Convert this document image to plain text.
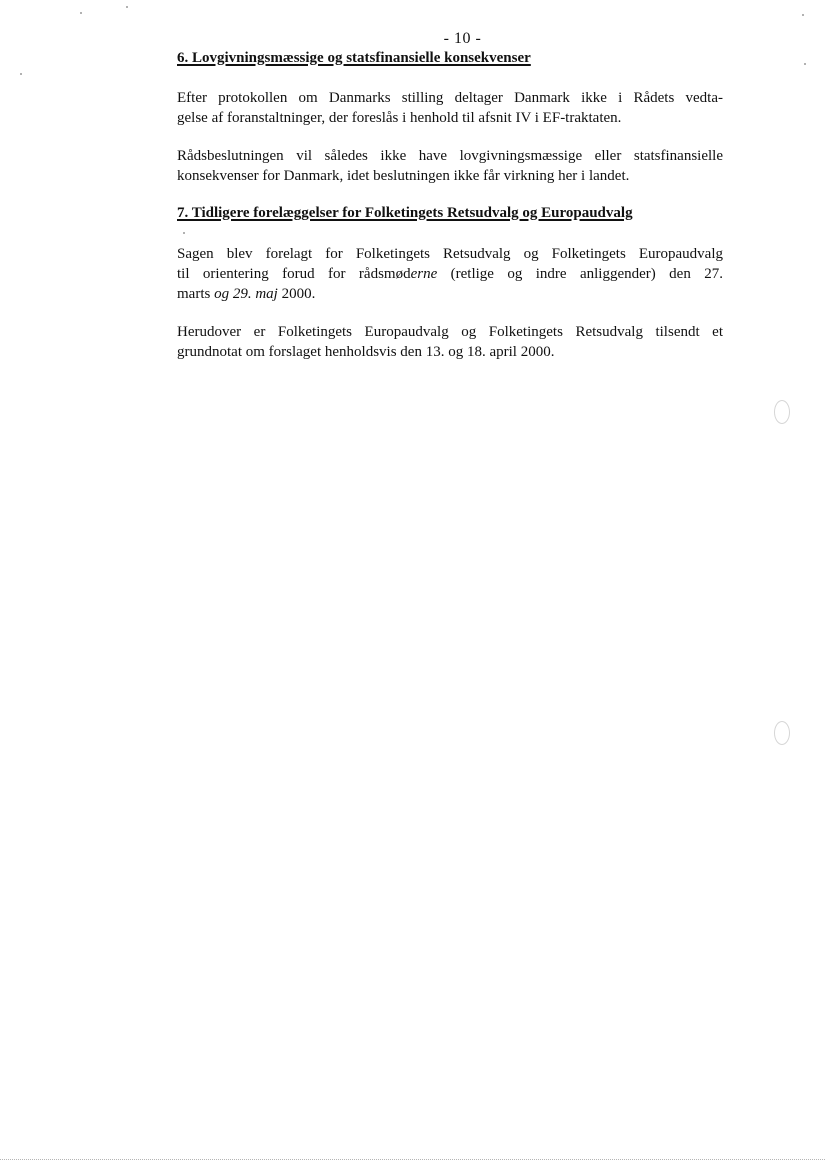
- 10 -
6. Lovgivningsmæssige og statsfinansielle konsekvenser
Efter protokollen om Danmarks stilling deltager Danmark ikke i Rådets vedta-
gelse af foranstaltninger, der foreslås i henhold til afsnit IV i EF-traktaten.
Rådsbeslutningen vil således ikke have lovgivningsmæssige eller statsfinansielle
konsekvenser for Danmark, idet beslutningen ikke får virkning her i landet.
7. Tidligere forelæggelser for Folketingets Retsudvalg og Europaudvalg
Sagen blev forelagt for Folketingets Retsudvalg og Folketingets Europaudvalg
til orientering forud for rådsmøderne (retlige og indre anliggender) den 27.
marts og 29. maj 2000.
Herudover er Folketingets Europaudvalg og Folketingets Retsudvalg tilsendt et
grundnotat om forslaget henholdsvis den 13. og 18. april 2000.
